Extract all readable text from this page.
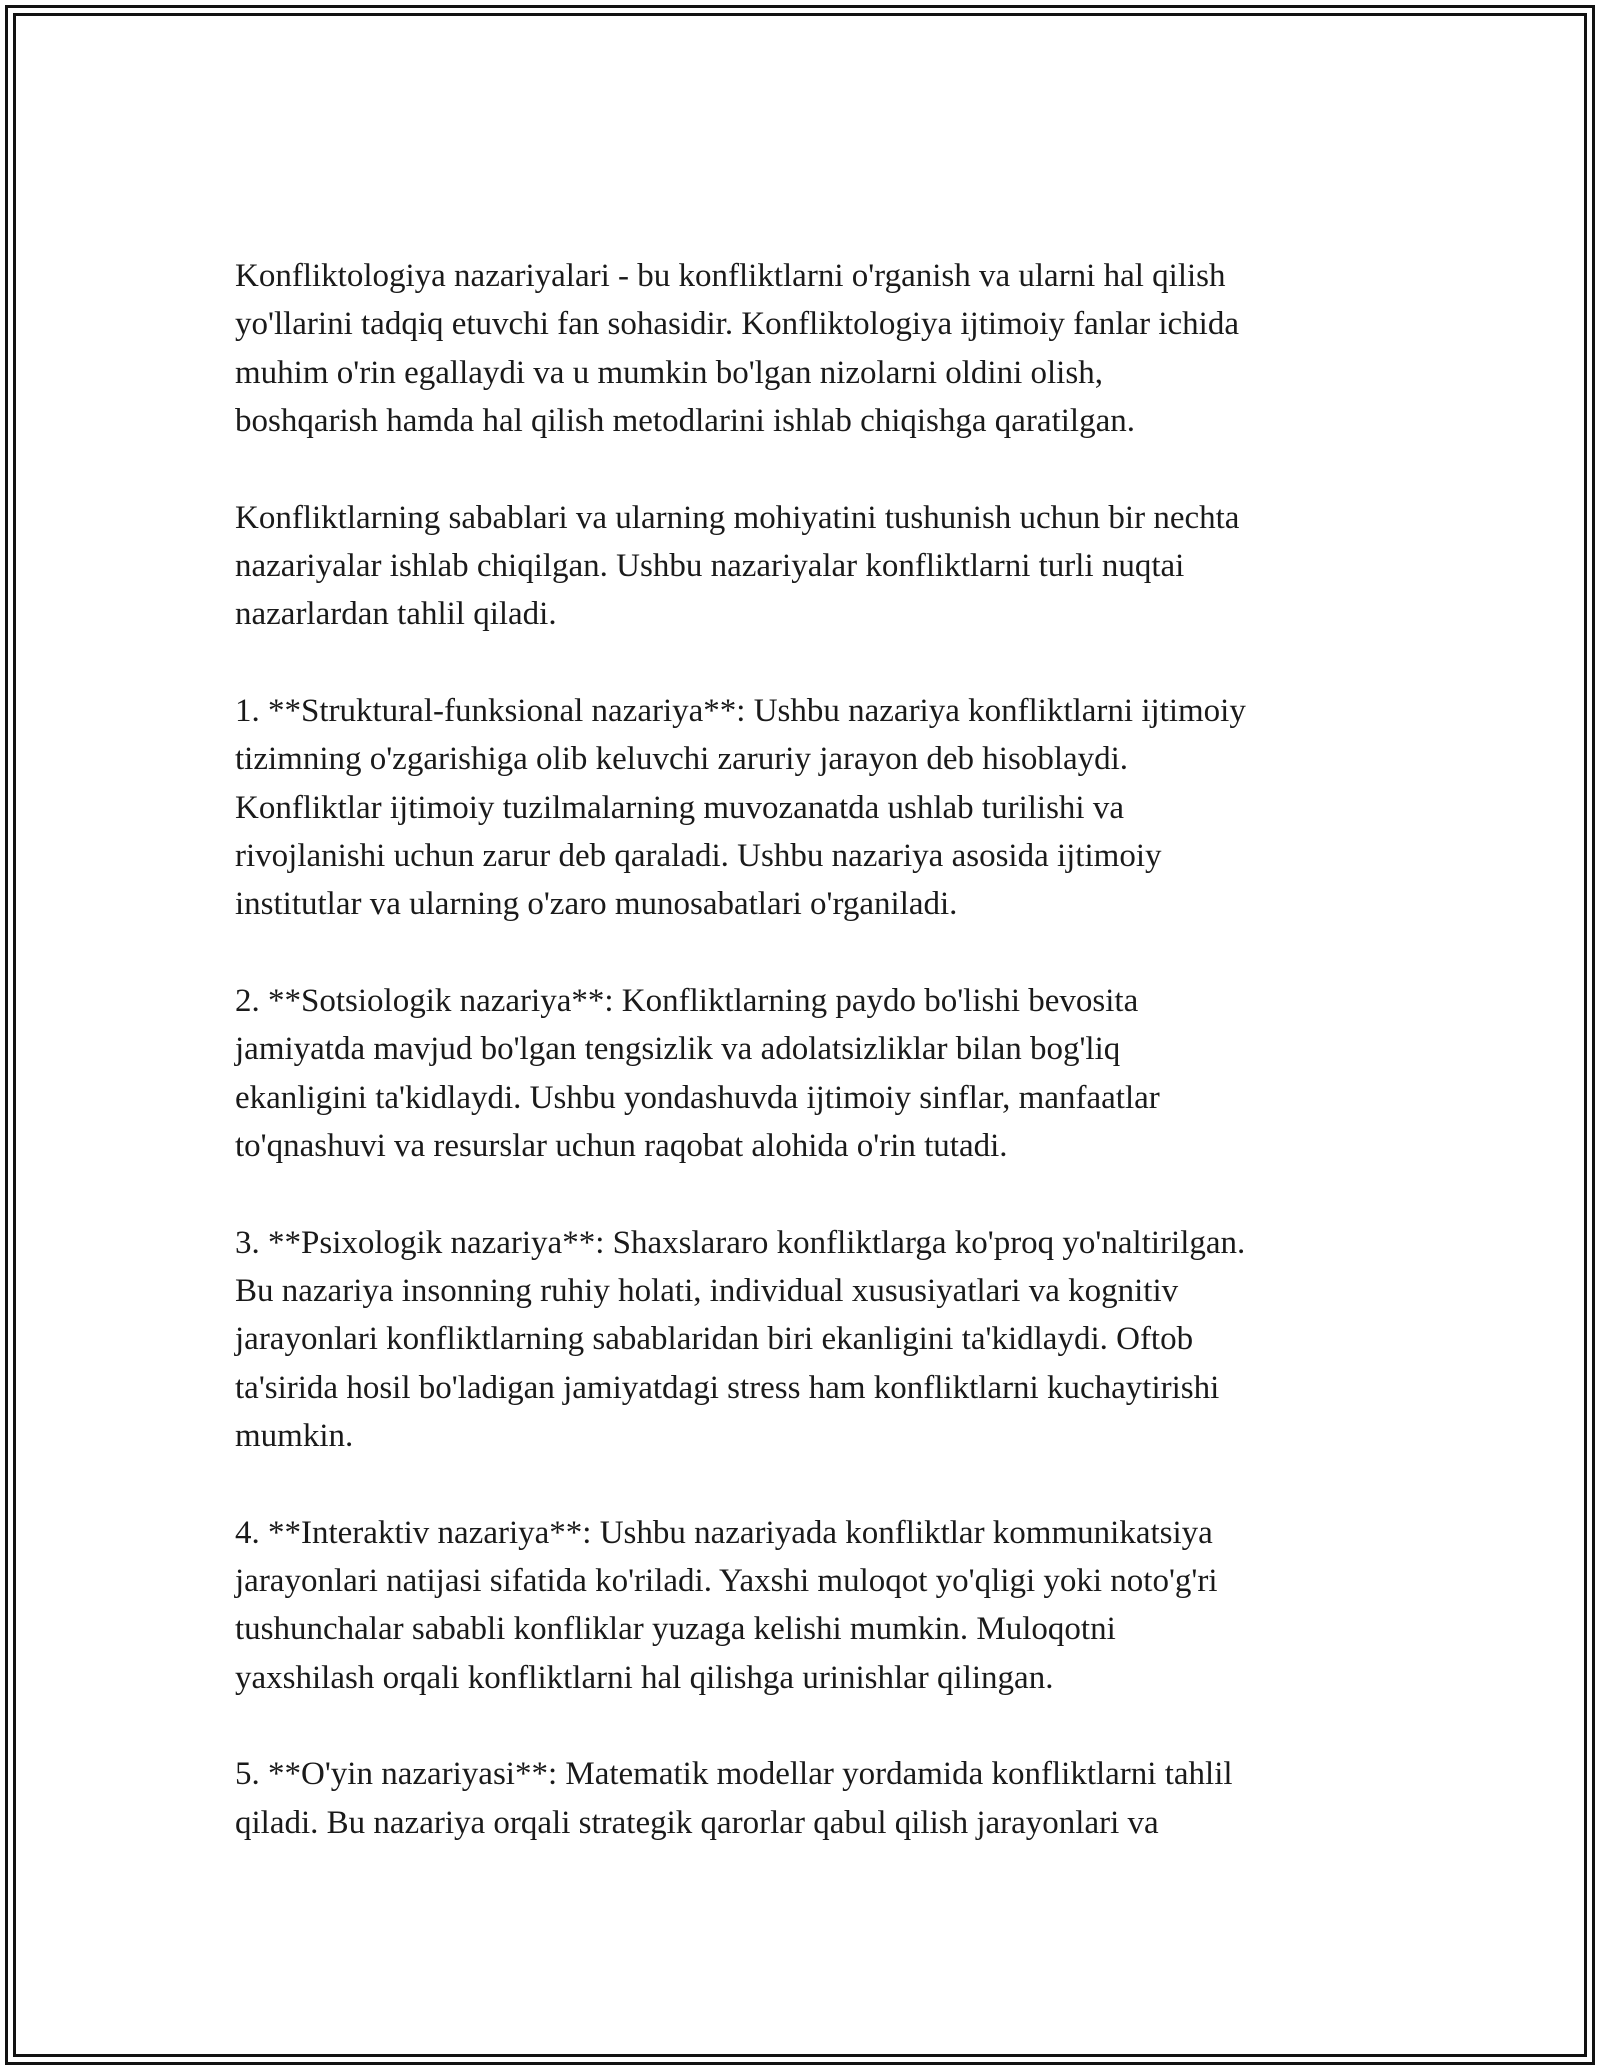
Konfliktologiya nazariyalari - bu konfliktlarni o'rganish va ularni hal qilish
yo'llarini tadqiq etuvchi fan sohasidir. Konfliktologiya ijtimoiy fanlar ichida
muhim o'rin egallaydi va u mumkin bo'lgan nizolarni oldini olish,
boshqarish hamda hal qilish metodlarini ishlab chiqishga qaratilgan.

Konfliktlarning sabablari va ularning mohiyatini tushunish uchun bir nechta
nazariyalar ishlab chiqilgan. Ushbu nazariyalar konfliktlarni turli nuqtai
nazarlardan tahlil qiladi.

1. **Struktural-funksional nazariya**: Ushbu nazariya konfliktlarni ijtimoiy
tizimning o'zgarishiga olib keluvchi zaruriy jarayon deb hisoblaydi.
Konfliktlar ijtimoiy tuzilmalarning muvozanatda ushlab turilishi va
rivojlanishi uchun zarur deb qaraladi. Ushbu nazariya asosida ijtimoiy
institutlar va ularning o'zaro munosabatlari o'rganiladi.

2. **Sotsiologik nazariya**: Konfliktlarning paydo bo'lishi bevosita
jamiyatda mavjud bo'lgan tengsizlik va adolatsizliklar bilan bog'liq
ekanligini ta'kidlaydi. Ushbu yondashuvda ijtimoiy sinflar, manfaatlar
to'qnashuvi va resurslar uchun raqobat alohida o'rin tutadi.

3. **Psixologik nazariya**: Shaxslararo konfliktlarga ko'proq yo'naltirilgan.
Bu nazariya insonning ruhiy holati, individual xususiyatlari va kognitiv
jarayonlari konfliktlarning sabablaridan biri ekanligini ta'kidlaydi. Oftob
ta'sirida hosil bo'ladigan jamiyatdagi stress ham konfliktlarni kuchaytirishi
mumkin.

4. **Interaktiv nazariya**: Ushbu nazariyada konfliktlar kommunikatsiya
jarayonlari natijasi sifatida ko'riladi. Yaxshi muloqot yo'qligi yoki noto'g'ri
tushunchalar sababli konfliklar yuzaga kelishi mumkin. Muloqotni
yaxshilash orqali konfliktlarni hal qilishga urinishlar qilingan.

5. **O'yin nazariyasi**: Matematik modellar yordamida konfliktlarni tahlil
qiladi. Bu nazariya orqali strategik qarorlar qabul qilish jarayonlari va
